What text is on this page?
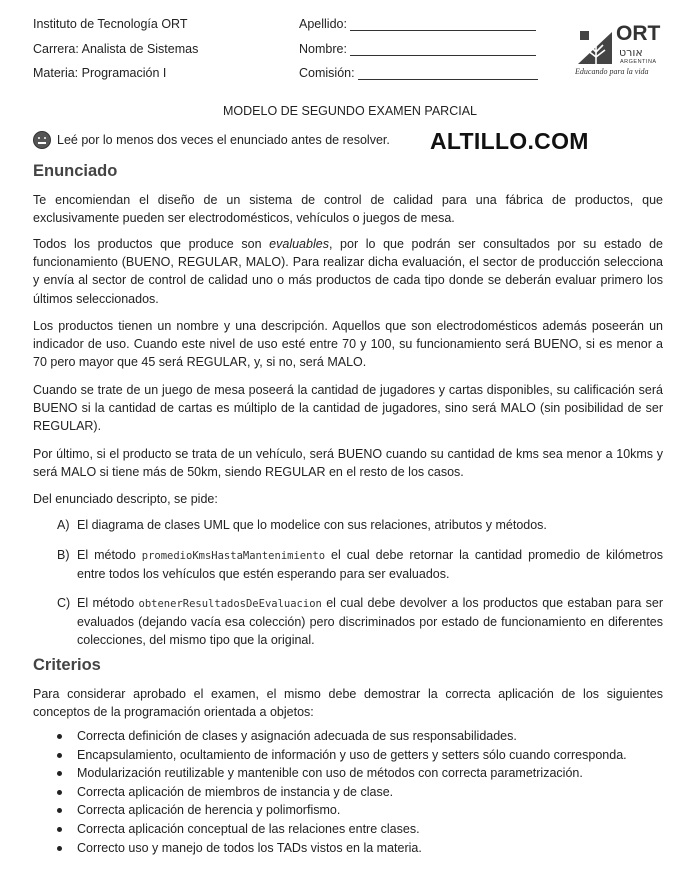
Instituto de Tecnología ORT
Carrera: Analista de Sistemas
Materia: Programación I
Apellido:
Nombre:
Comisión:
ORT
אורט
ARGENTINA
Educando para la vida
MODELO DE SEGUNDO EXAMEN PARCIAL
Leé por lo menos dos veces el enunciado antes de resolver. ALTILLO.COM
Enunciado

Te encomiendan el diseño de un sistema de control de calidad para una fábrica de productos, que exclusivamente pueden ser electrodomésticos, vehículos o juegos de mesa.

Todos los productos que produce son evaluables, por lo que podrán ser consultados por su estado de funcionamiento (BUENO, REGULAR, MALO). Para realizar dicha evaluación, el sector de producción selecciona y envía al sector de control de calidad uno o más productos de cada tipo donde se deberán evaluar primero los últimos seleccionados.

Los productos tienen un nombre y una descripción. Aquellos que son electrodomésticos además poseerán un indicador de uso. Cuando este nivel de uso esté entre 70 y 100, su funcionamiento será BUENO, si es menor a 70 pero mayor que 45 será REGULAR, y, si no, será MALO.

Cuando se trate de un juego de mesa poseerá la cantidad de jugadores y cartas disponibles, su calificación será BUENO si la cantidad de cartas es múltiplo de la cantidad de jugadores, sino será MALO (sin posibilidad de ser REGULAR).

Por último, si el producto se trata de un vehículo, será BUENO cuando su cantidad de kms sea menor a 10kms y será MALO si tiene más de 50km, siendo REGULAR en el resto de los casos.

Del enunciado descripto, se pide:

A) El diagrama de clases UML que lo modelice con sus relaciones, atributos y métodos.
B) El método promedioKmsHastaMantenimiento el cual debe retornar la cantidad promedio de kilómetros entre todos los vehículos que estén esperando para ser evaluados.
C) El método obtenerResultadosDeEvaluacion el cual debe devolver a los productos que estaban para ser evaluados (dejando vacía esa colección) pero discriminados por estado de funcionamiento en diferentes colecciones, del mismo tipo que la original.
Criterios

Para considerar aprobado el examen, el mismo debe demostrar la correcta aplicación de los siguientes conceptos de la programación orientada a objetos:

Correcta definición de clases y asignación adecuada de sus responsabilidades.
Encapsulamiento, ocultamiento de información y uso de getters y setters sólo cuando corresponda.
Modularización reutilizable y mantenible con uso de métodos con correcta parametrización.
Correcta aplicación de miembros de instancia y de clase.
Correcta aplicación de herencia y polimorfismo.
Correcta aplicación conceptual de las relaciones entre clases.
Correcto uso y manejo de todos los TADs vistos en la materia.
